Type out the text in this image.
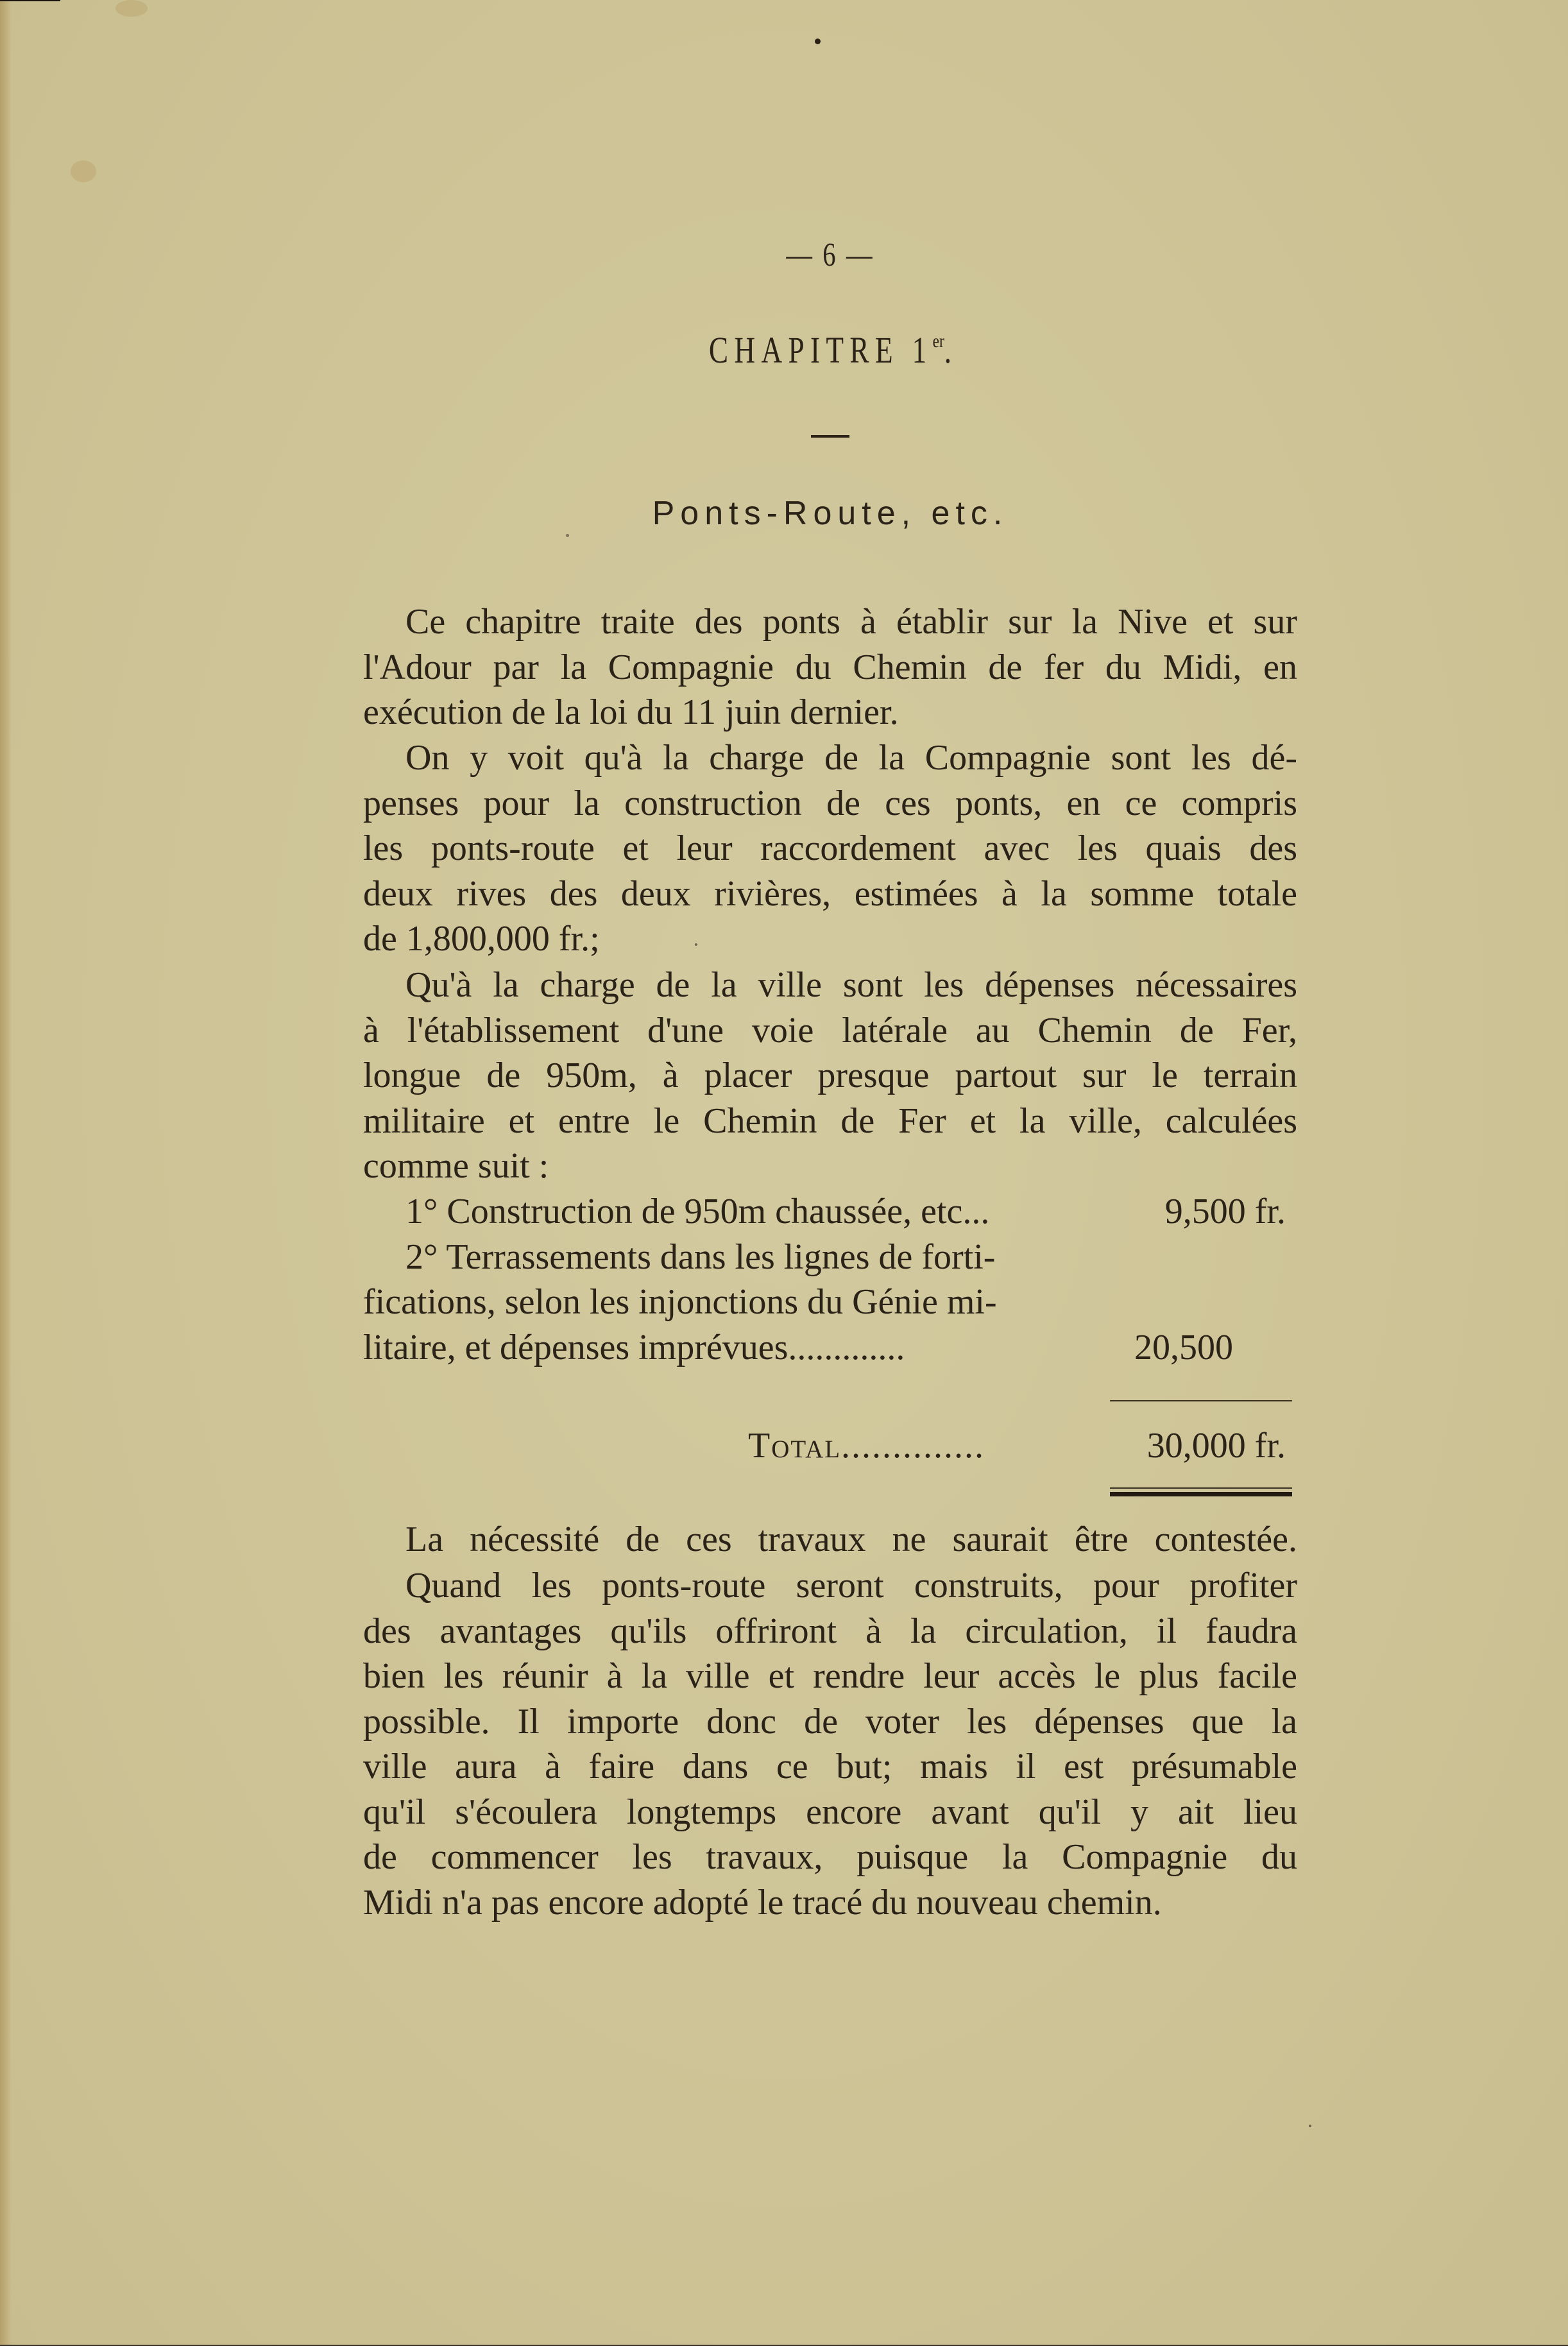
— 6 —
CHAPITRE 1er.
Ponts-Route, etc.
Ce chapitre traite des ponts à établir sur la Nive et sur
l'Adour par la Compagnie du Chemin de fer du Midi, en
exécution de la loi du 11 juin dernier.
On y voit qu'à la charge de la Compagnie sont les dé-
penses pour la construction de ces ponts, en ce compris
les ponts-route et leur raccordement avec les quais des
deux rives des deux rivières, estimées à la somme totale
de 1,800,000 fr.;
Qu'à la charge de la ville sont les dépenses nécessaires
à l'établissement d'une voie latérale au Chemin de Fer,
longue de 950m, à placer presque partout sur le terrain
militaire et entre le Chemin de Fer et la ville, calculées
comme suit :
1° Construction de 950m chaussée, etc...	9,500 fr.
2° Terrassements dans les lignes de forti-
fications, selon les injonctions du Génie mi-
litaire, et dépenses imprévues.............	20,500
Total..............	30,000 fr.
La nécessité de ces travaux ne saurait être contestée.
Quand les ponts-route seront construits, pour profiter
des avantages qu'ils offriront à la circulation, il faudra
bien les réunir à la ville et rendre leur accès le plus facile
possible. Il importe donc de voter les dépenses que la
ville aura à faire dans ce but; mais il est présumable
qu'il s'écoulera longtemps encore avant qu'il y ait lieu
de commencer les travaux, puisque la Compagnie du
Midi n'a pas encore adopté le tracé du nouveau chemin.
